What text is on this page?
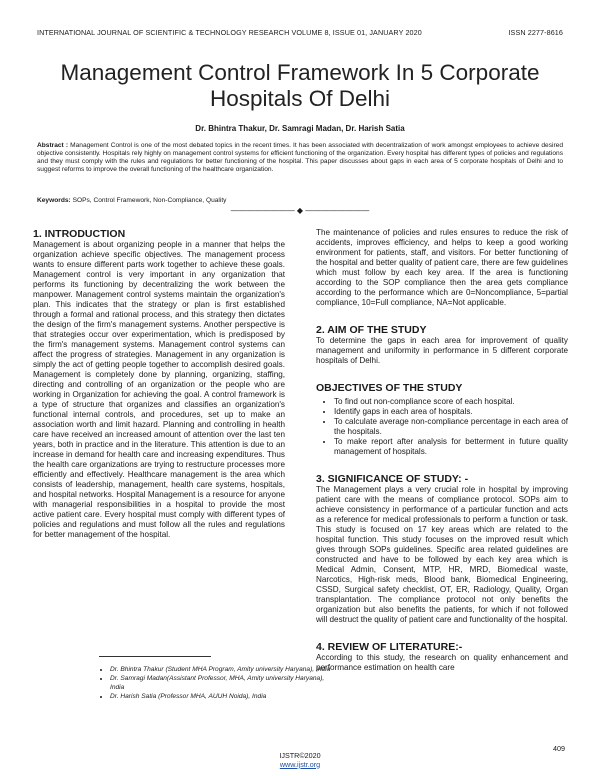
INTERNATIONAL JOURNAL OF SCIENTIFIC & TECHNOLOGY RESEARCH VOLUME 8, ISSUE 01, JANUARY 2020	ISSN 2277-8616
Management Control Framework In 5 Corporate Hospitals Of Delhi
Dr. Bhintra Thakur, Dr. Samragi Madan, Dr. Harish Satia
Abstract : Management Control is one of the most debated topics in the recent times. It has been associated with decentralization of work amongst employees to achieve desired objective consistently. Hospitals rely highly on management control systems for efficient functioning of the organization. Every hospital has different types of policies and regulations and they must comply with the rules and regulations for better functioning of the hospital. This paper discusses about gaps in each area of 5 corporate hospitals of Delhi and to suggest reforms to improve the overall functioning of the healthcare organization.
Keywords: SOPs, Control Framework, Non-Compliance, Quality
———————— ◆ ————————
1. INTRODUCTION

Management is about organizing people in a manner that helps the organization achieve specific objectives. The management process wants to ensure different parts work together to achieve these goals. Management control is very important in any organization that performs its functioning by decentralizing the work between the manpower. Management control systems maintain the organization's plan. This indicates that the strategy or plan is first established through a formal and rational process, and this strategy then dictates the design of the firm's management systems. Another perspective is that strategies occur over experimentation, which is predisposed by the firm's management systems. Management control systems can affect the progress of strategies. Management in any organization is simply the act of getting people together to accomplish desired goals. Management is completely done by planning, organizing, staffing, directing and controlling of an organization or the people who are working in Organization for achieving the goal. A control framework is a type of structure that organizes and classifies an organization's functional internal controls, and procedures, set up to make an association worth and limit hazard. Planning and controlling in health care have received an increased amount of attention over the last ten years, both in practice and in the literature. This attention is due to an increase in demand for health care and increasing expenditures. Thus the health care organizations are trying to restructure processes more efficiently and effectively. Healthcare management is the area which consists of leadership, management, health care systems, hospitals, and hospital networks. Hospital Management is a resource for anyone with managerial responsibilities in a hospital to provide the most active patient care. Every hospital must comply with different types of policies and regulations and must follow all the rules and regulations for better management of the hospital.

• Dr. Bhintra Thakur (Student MHA Program, Amity university Haryana), India
• Dr. Samragi Madan(Assistant Professor, MHA, Amity university Haryana), India
• Dr. Harish Satia (Professor MHA, AUUH Noida), India

The maintenance of policies and rules ensures to reduce the risk of accidents, improves efficiency, and helps to keep a good working environment for patients, staff, and visitors. For better functioning of the hospital and better quality of patient care, there are few guidelines which must follow by each key area. If the area is functioning according to the SOP compliance then the area gets compliance according to the performance which are 0=Noncompliance, 5=partial compliance, 10=Full compliance, NA=Not applicable.

2. AIM OF THE STUDY

To determine the gaps in each area for improvement of quality management and uniformity in performance in 5 different corporate hospitals of Delhi.

OBJECTIVES OF THE STUDY
• To find out non-compliance score of each hospital.
• Identify gaps in each area of hospitals.
• To calculate average non-compliance percentage in each area of the hospitals.
• To make report after analysis for betterment in future quality management of hospitals.
3. SIGNIFICANCE OF STUDY: -

The Management plays a very crucial role in hospital by improving patient care with the means of compliance protocol. SOPs aim to achieve consistency in performance of a particular function and acts as a reference for medical professionals to perform a function or task. This study is focused on 17 key areas which are related to the hospital function. This study focuses on the improved result which gives through SOPs guidelines. Specific area related guidelines are constructed and have to be followed by each key area which is Medical Admin, Consent, MTP, HR, MRD, Biomedical waste, Narcotics, High-risk meds, Blood bank, Biomedical Engineering, CSSD, Surgical safety checklist, OT, ER, Radiology, Quality, Organ transplantation. The compliance protocol not only benefits the organization but also benefits the patients, for which if not followed will destruct the quality of patient care and functionality of the hospital.

4. REVIEW OF LITERATURE:-

According to this study, the research on quality enhancement and performance estimation on health care

409
IJSTR©2020
www.ijstr.org
